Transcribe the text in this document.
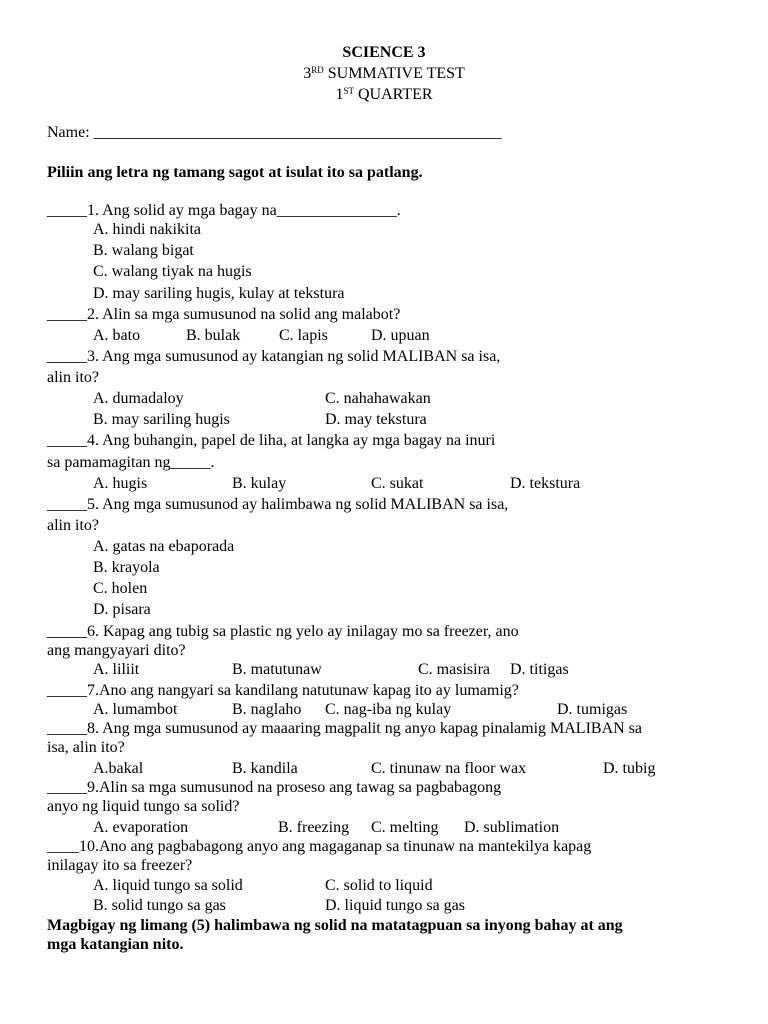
SCIENCE 3
3RD SUMMATIVE TEST
1ST QUARTER
Name: ___________________________________________________
Piliin ang letra ng tamang sagot at isulat ito sa patlang.
_____1. Ang solid ay mga bagay na_______________.
A. hindi nakikita
B. walang bigat
C. walang tiyak na hugis
D. may sariling hugis, kulay at tekstura
_____2. Alin sa mga sumusunod na solid ang malabot?
A. bato	B. bulak C. lapis	D. upuan
_____3. Ang mga sumusunod ay katangian ng solid MALIBAN sa isa,
alin ito?
A. dumadaloy	C. nahahawakan
B. may sariling hugis	D. may tekstura
_____4. Ang buhangin, papel de liha, at langka ay mga bagay na inuri
sa pamamagitan ng_____.
A. hugis	B. kulay	C. sukat	D. tekstura
_____5. Ang mga sumusunod ay halimbawa ng solid MALIBAN sa isa,
alin ito?
A. gatas na ebaporada
B. krayola
C. holen
D. pisara
_____6. Kapag ang tubig sa plastic ng yelo ay inilagay mo sa freezer, ano
ang mangyayari dito?
A. liliit	B. matutunaw	C. masisira D. titigas
_____7.Ano ang nangyari sa kandilang natutunaw kapag ito ay lumamig?
A. lumambot	B. naglaho C. nag-iba ng kulay	D. tumigas
_____8. Ang mga sumusunod ay maaaring magpalit ng anyo kapag pinalamig MALIBAN sa
isa, alin ito?
A.bakal	B. kandila	C. tinunaw na floor wax	D. tubig
_____9.Alin sa mga sumusunod na proseso ang tawag sa pagbabagong
anyo ng liquid tungo sa solid?
A. evaporation	B. freezing C. melting D. sublimation
____10.Ano ang pagbabagong anyo ang magaganap sa tinunaw na mantekilya kapag
inilagay ito sa freezer?
A. liquid tungo sa solid	C. solid to liquid
B. solid tungo sa gas	D. liquid tungo sa gas
Magbigay ng limang (5) halimbawa ng solid na matatagpuan sa inyong bahay at ang
mga katangian nito.
